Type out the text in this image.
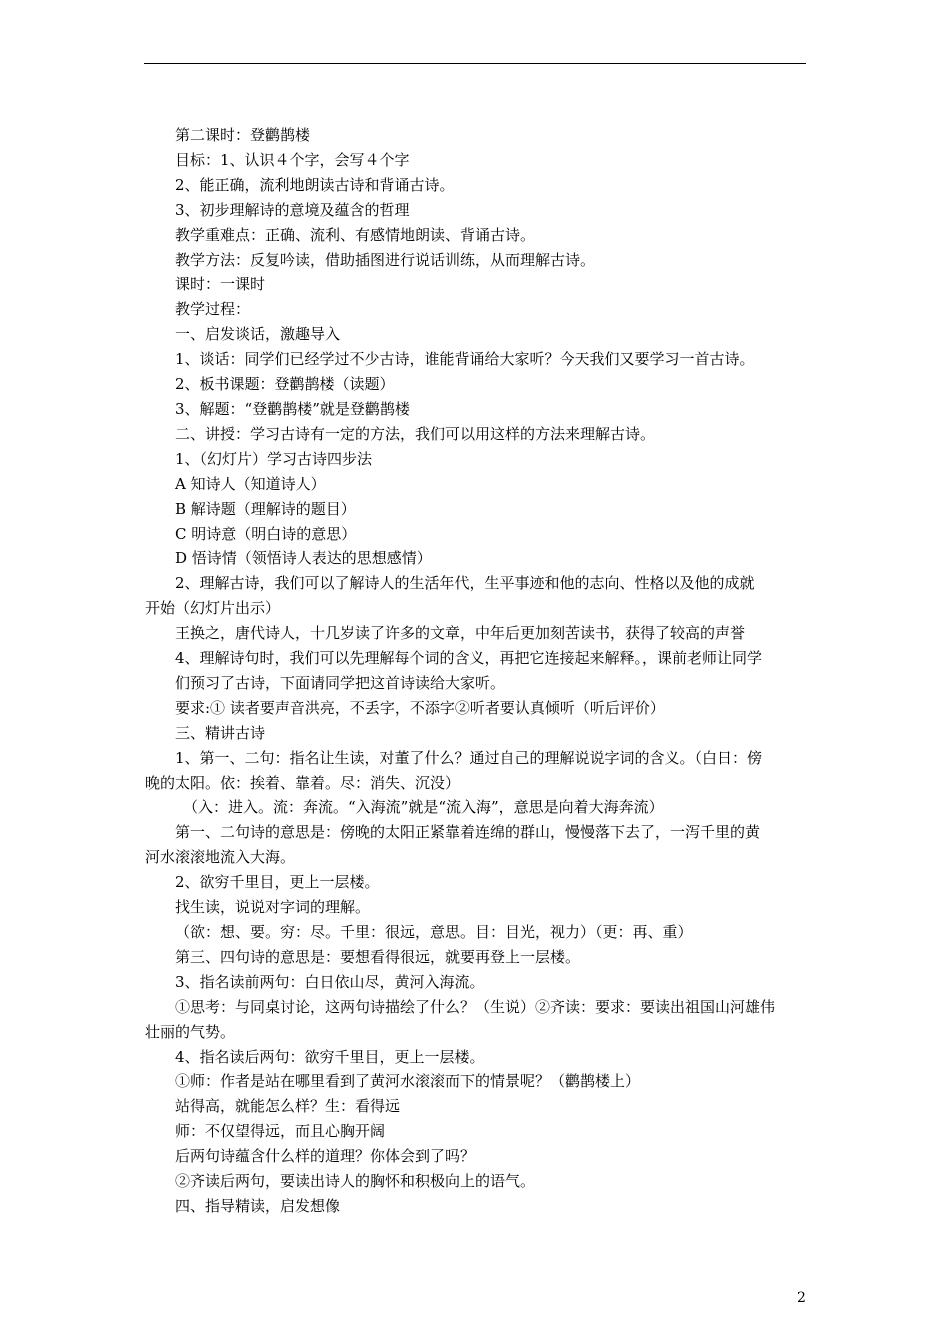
第二课时：登鹳鹊楼
目标：1、认识４个字，会写４个字
2、能正确，流利地朗读古诗和背诵古诗。
3、初步理解诗的意境及蕴含的哲理
教学重难点：正确、流利、有感情地朗读、背诵古诗。
教学方法：反复吟读，借助插图进行说话训练，从而理解古诗。
课时：一课时
教学过程：
一、启发谈话，激趣导入
1、谈话：同学们已经学过不少古诗，谁能背诵给大家听？今天我们又要学习一首古诗。
2、板书课题：登鹳鹊楼（读题）
3、解题：“登鹳鹊楼”就是登鹳鹊楼
二、讲授：学习古诗有一定的方法，我们可以用这样的方法来理解古诗。
1、（幻灯片）学习古诗四步法
A 知诗人（知道诗人）
B 解诗题（理解诗的题目）
C 明诗意（明白诗的意思）
D 悟诗情（领悟诗人表达的思想感情）
2、理解古诗，我们可以了解诗人的生活年代，生平事迹和他的志向、性格以及他的成就
开始（幻灯片出示）
王换之，唐代诗人，十几岁读了许多的文章，中年后更加刻苦读书，获得了较高的声誉
4、理解诗句时，我们可以先理解每个词的含义，再把它连接起来解释。，课前老师让同学
们预习了古诗，下面请同学把这首诗读给大家听。
要求:① 读者要声音洪亮，不丢字，不添字②听者要认真倾听（听后评价）
三、精讲古诗
1、第一、二句：指名让生读，对董了什么？通过自己的理解说说字词的含义。（白日：傍
晚的太阳。依：挨着、靠着。尽：消失、沉没）
（入：进入。流：奔流。“入海流”就是“流入海”，意思是向着大海奔流）
第一、二句诗的意思是：傍晚的太阳正紧靠着连绵的群山，慢慢落下去了，一泻千里的黄
河水滚滚地流入大海。
2、欲穷千里目，更上一层楼。
找生读，说说对字词的理解。
（欲：想、要。穷：尽。千里：很远，意思。目：目光，视力）（更：再、重）
第三、四句诗的意思是：要想看得很远，就要再登上一层楼。
3、指名读前两句：白日依山尽，黄河入海流。
①思考：与同桌讨论，这两句诗描绘了什么？（生说）②齐读：要求：要读出祖国山河雄伟
壮丽的气势。
4、指名读后两句：欲穷千里目，更上一层楼。
①师：作者是站在哪里看到了黄河水滚滚而下的情景呢？（鹳鹊楼上）
站得高，就能怎么样？生：看得远
师：不仅望得远，而且心胸开阔
后两句诗蕴含什么样的道理？你体会到了吗？
②齐读后两句，要读出诗人的胸怀和积极向上的语气。
四、指导精读，启发想像
2
